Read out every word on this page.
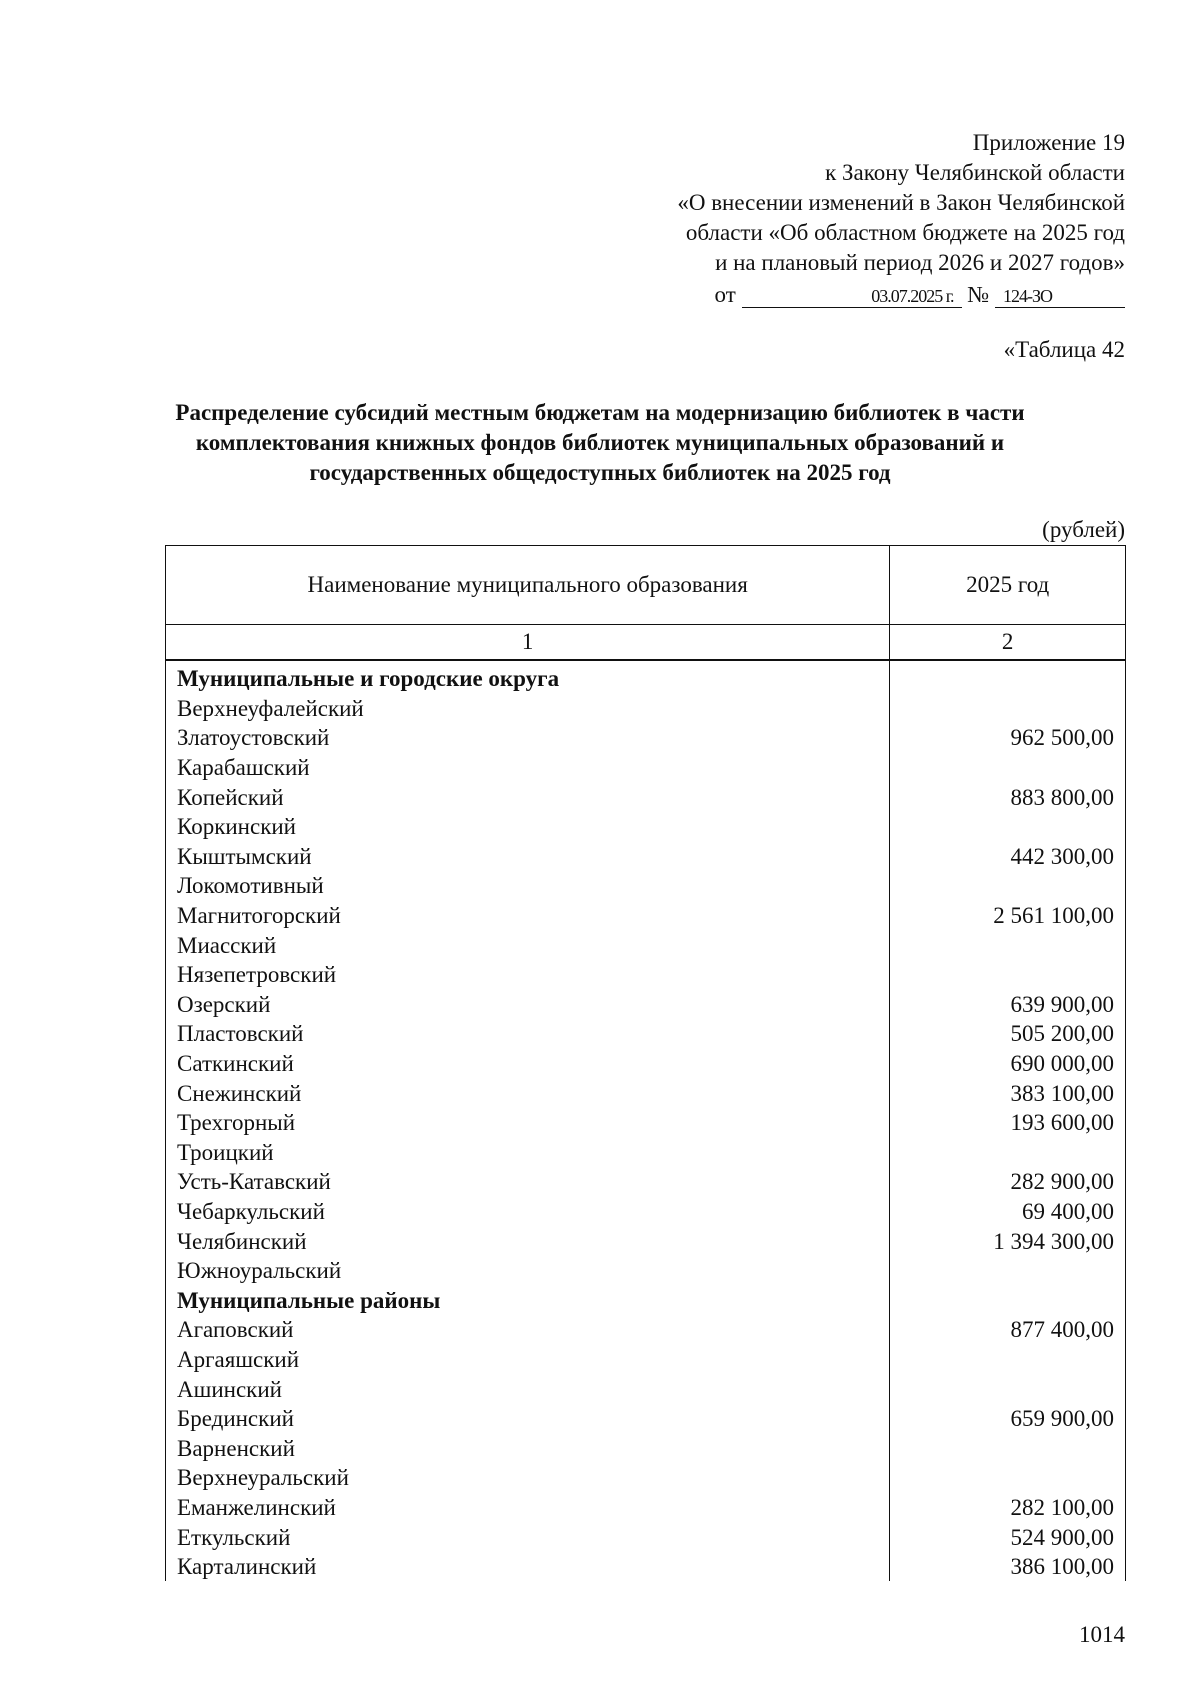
Приложение 19
к Закону Челябинской области
«О внесении изменений в Закон Челябинской
области «Об областном бюджете на 2025 год
и на плановый период 2026 и 2027 годов»
от	03.07.2025 г. № 124-ЗО
«Таблица 42
Распределение субсидий местным бюджетам на модернизацию библиотек в части комплектования книжных фондов библиотек муниципальных образований и государственных общедоступных библиотек на 2025 год
(рублей)
Наименование муниципального образования	2025 год
1	2
Муниципальные и городские округа	
Верхнеуфалейский	
Златоустовский	962 500,00
Карабашский	
Копейский	883 800,00
Коркинский	
Кыштымский	442 300,00
Локомотивный	
Магнитогорский	2 561 100,00
Миасский	
Нязепетровский	
Озерский	639 900,00
Пластовский	505 200,00
Саткинский	690 000,00
Снежинский	383 100,00
Трехгорный	193 600,00
Троицкий	
Усть-Катавский	282 900,00
Чебаркульский	69 400,00
Челябинский	1 394 300,00
Южноуральский	
Муниципальные районы	
Агаповский	877 400,00
Аргаяшский	
Ашинский	
Брединский	659 900,00
Варненский	
Верхнеуральский	
Еманжелинский	282 100,00
Еткульский	524 900,00
Карталинский	386 100,00
1014
